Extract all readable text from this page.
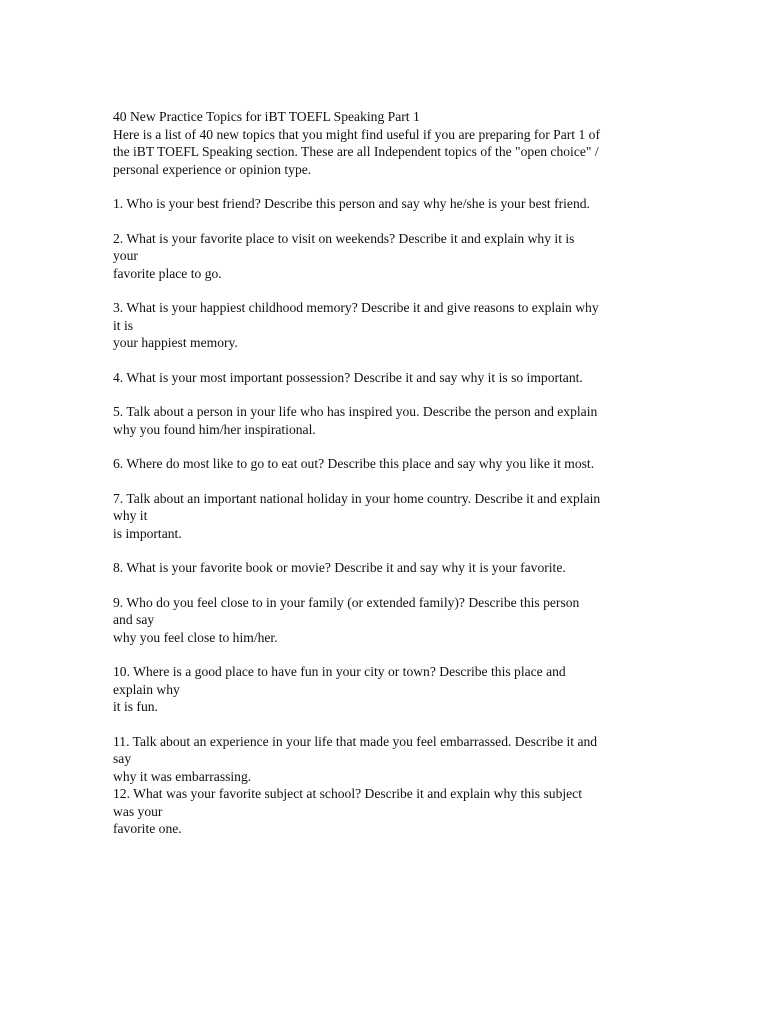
40 New Practice Topics for iBT TOEFL Speaking Part 1

Here is a list of 40 new topics that you might find useful if you are preparing for Part 1 of

the iBT TOEFL Speaking section. These are all Independent topics of the "open choice" /

personal experience or opinion type.

1. Who is your best friend? Describe this person and say why he/she is your best friend.

2. What is your favorite place to visit on weekends? Describe it and explain why it is

your

favorite place to go.

3. What is your happiest childhood memory? Describe it and give reasons to explain why

it is

your happiest memory.

4. What is your most important possession? Describe it and say why it is so important.

5. Talk about a person in your life who has inspired you. Describe the person and explain

why you found him/her inspirational.

6. Where do most like to go to eat out? Describe this place and say why you like it most.

7. Talk about an important national holiday in your home country. Describe it and explain

why it

is important.

8. What is your favorite book or movie? Describe it and say why it is your favorite.

9. Who do you feel close to in your family (or extended family)? Describe this person

and say

why you feel close to him/her.

10. Where is a good place to have fun in your city or town? Describe this place and

explain why

it is fun.

11. Talk about an experience in your life that made you feel embarrassed. Describe it and

say

why it was embarrassing.

12. What was your favorite subject at school? Describe it and explain why this subject

was your

favorite one.
